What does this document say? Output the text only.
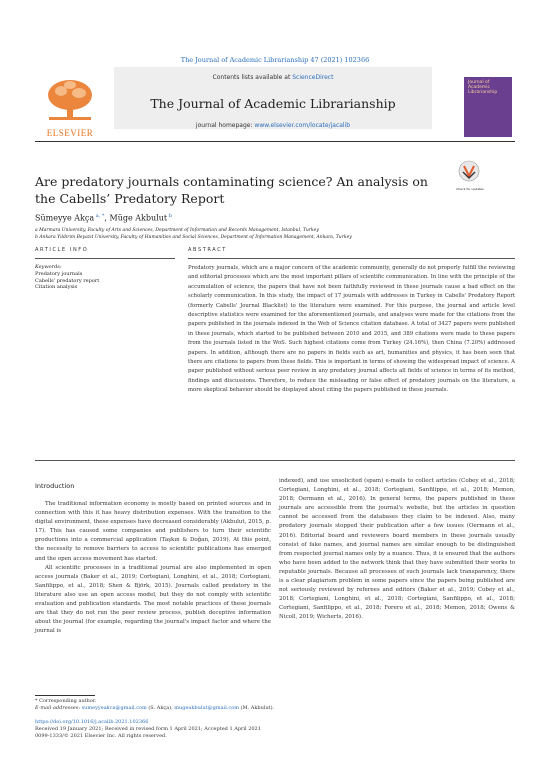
The Journal of Academic Librarianship 47 (2021) 102366
ELSEVIER
Contents lists available at ScienceDirect
The Journal of Academic Librarianship
journal homepage: www.elsevier.com/locate/jacalib
Journal of Academic Librarianship
Are predatory journals contaminating science? An analysis on the Cabells’ Predatory Report
Check for updates
Sümeyye Akça $^{a, *}$, Müge Akbulut $^b$
a Marmara University, Faculty of Arts and Sciences, Department of Information and Records Management, Istanbul, Turkey
b Ankara Yıldırım Beyazıt University, Faculty of Humanities and Social Sciences, Department of Information Management, Ankara, Turkey
ARTICLE INFO	ABSTRACT
Keywords:
Predatory journals
Cabells' predatory report
Citation analysis
Predatory journals, which are a major concern of the academic community, generally do not properly fulfill the reviewing and editorial processes which are the most important pillars of scientific communication. In line with the principle of the accumulation of science, the papers that have not been faithfully reviewed in these journals cause a bad effect on the scholarly communication. In this study, the impact of 17 journals with addresses in Turkey in Cabells' Predatory Report (formerly Cabells' Journal Blacklist) to the literature were examined. For this purpose, the journal and article level descriptive statistics were examined for the aforementioned journals, and analyses were made for the citations from the papers published in the journals indexed in the Web of Science citation database. A total of 3427 papers were published in these journals, which started to be published between 2010 and 2015, and 389 citations were made to these papers from the journals listed in the WoS. Such highest citations come from Turkey (24.16%), then China (7.20%) addressed papers. In addition, although there are no papers in fields such as art, humanities and physics, it has been seen that there are citations to papers from these fields. This is important in terms of showing the widespread impact of science. A paper published without serious peer review in any predatory journal affects all fields of science in terms of its method, findings and discussions. Therefore, to reduce the misleading or false effect of predatory journals on the literature, a more skeptical behavior should be displayed about citing the papers published in these journals.
Introduction

The traditional information economy is mostly based on printed sources and in connection with this it has heavy distribution expenses. With the transition to the digital environment, these expenses have decreased considerably (Akbulut, 2015, p. 17). This has caused some companies and publishers to turn their scientific productions into a commercial application (Taşkın & Doğan, 2019). At this point, the necessity to remove barriers to access to scientific publications has emerged and the open access movement has started.

All scientific processes in a traditional journal are also implemented in open access journals (Baker et al., 2019; Cortegiani, Longhini, et al., 2018; Cortegiani, Sanfilippo, et al., 2018; Shen & Björk, 2015). Journals called predatory in the literature also use an open access model, but they do not comply with scientific evaluation and publication standards. The most notable practices of these journals are that they do not run the peer review process, publish deceptive information about the journal (for example, regarding the journal's impact factor and where the journal is

indexed), and use unsolicited (spam) e-mails to collect articles (Cobey et al., 2018; Cortegiani, Longhini, et al., 2018; Cortegiani, Sanfilippo, et al., 2018; Memon, 2018; Oermann et al., 2016). In general terms, the papers published in these journals are accessible from the journal's website, but the articles in question cannot be accessed from the databases they claim to be indexed. Also, many predatory journals stopped their publication after a few issues (Oermann et al., 2016). Editorial board and reviewers board members in these journals usually consist of fake names, and journal names are similar enough to be distinguished from respected journal names only by a nuance. Thus, it is ensured that the authors who have been added to the network think that they have submitted their works to reputable journals. Because all processes of such journals lack transparency, there is a clear plagiarism problem in some papers since the papers being published are not seriously reviewed by referees and editors (Baker et al., 2019; Cobey et al., 2018; Cortegiani, Longhini, et al., 2018; Cortegiani, Sanfilippo, et al., 2018; Cortegiani, Sanfilippo, et al., 2018; Forero et al., 2018; Memon, 2018; Owens & Nicoll, 2019; Wicherts, 2016).

* Corresponding author.
E-mail addresses: sumeyyeakca@gmail.com (S. Akça), mugeakbulut@gmail.com (M. Akbulut).
https://doi.org/10.1016/j.acalib.2021.102366
Received 19 January 2021; Received in revised form 1 April 2021; Accepted 1 April 2021
0099-1333/© 2021 Elsevier Inc. All rights reserved.
